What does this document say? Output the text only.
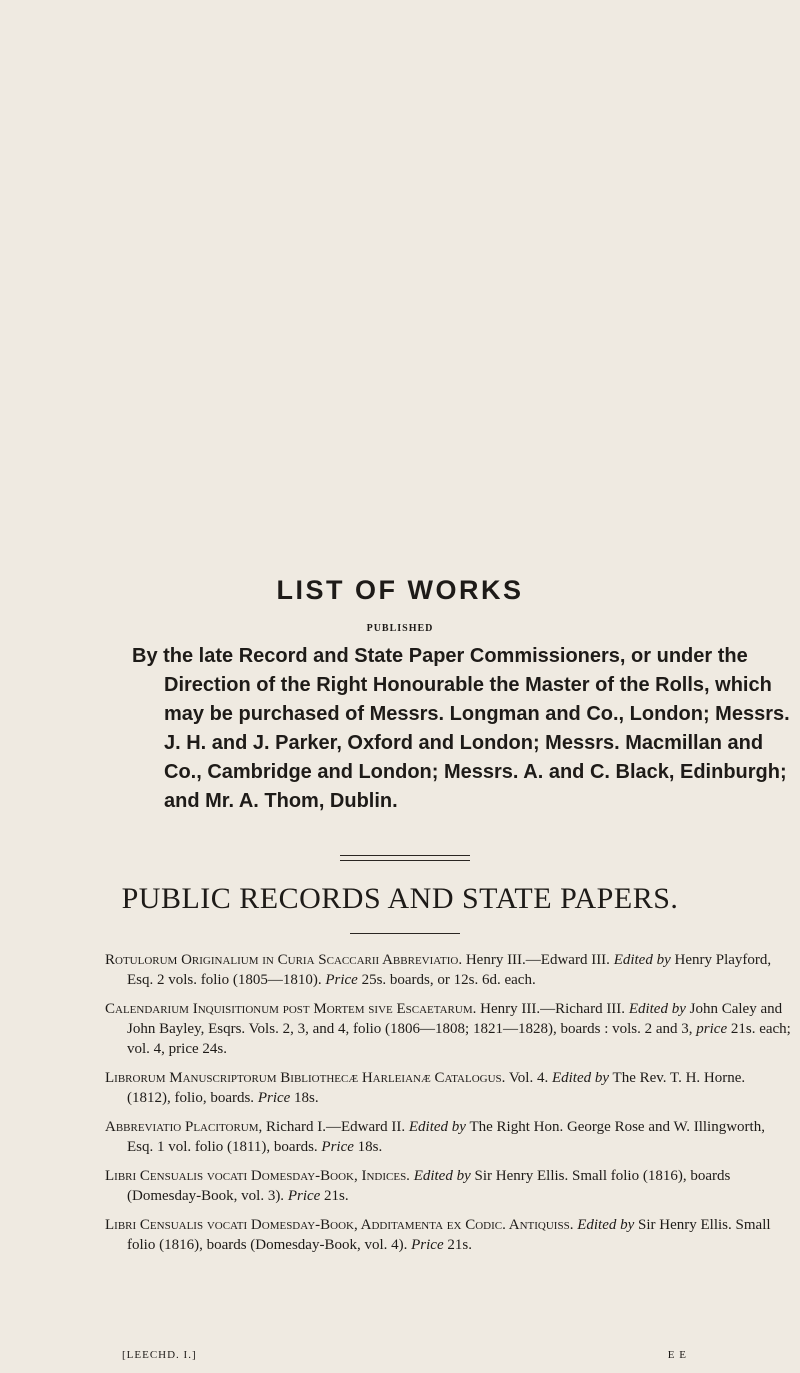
LIST OF WORKS
PUBLISHED
By the late Record and State Paper Commissioners, or under the Direction of the Right Honourable the Master of the Rolls, which may be purchased of Messrs. Longman and Co., London; Messrs. J. H. and J. Parker, Oxford and London; Messrs. Macmillan and Co., Cambridge and London; Messrs. A. and C. Black, Edinburgh; and Mr. A. Thom, Dublin.
PUBLIC RECORDS AND STATE PAPERS.

Rotulorum Originalium in Curia Scaccarii Abbreviatio. Henry III.—Edward III. Edited by Henry Playford, Esq. 2 vols. folio (1805—1810). Price 25s. boards, or 12s. 6d. each.

Calendarium Inquisitionum post Mortem sive Escaetarum. Henry III.—Richard III. Edited by John Caley and John Bayley, Esqrs. Vols. 2, 3, and 4, folio (1806—1808; 1821—1828), boards : vols. 2 and 3, price 21s. each; vol. 4, price 24s.

Librorum Manuscriptorum Bibliothecæ Harleianæ Catalogus. Vol. 4. Edited by The Rev. T. H. Horne. (1812), folio, boards. Price 18s.

Abbreviatio Placitorum, Richard I.—Edward II. Edited by The Right Hon. George Rose and W. Illingworth, Esq. 1 vol. folio (1811), boards. Price 18s.

Libri Censualis vocati Domesday-Book, Indices. Edited by Sir Henry Ellis. Small folio (1816), boards (Domesday-Book, vol. 3). Price 21s.

Libri Censualis vocati Domesday-Book, Additamenta ex Codic. Antiquiss. Edited by Sir Henry Ellis. Small folio (1816), boards (Domesday-Book, vol. 4). Price 21s.

[LEECHD. I.]	E E
